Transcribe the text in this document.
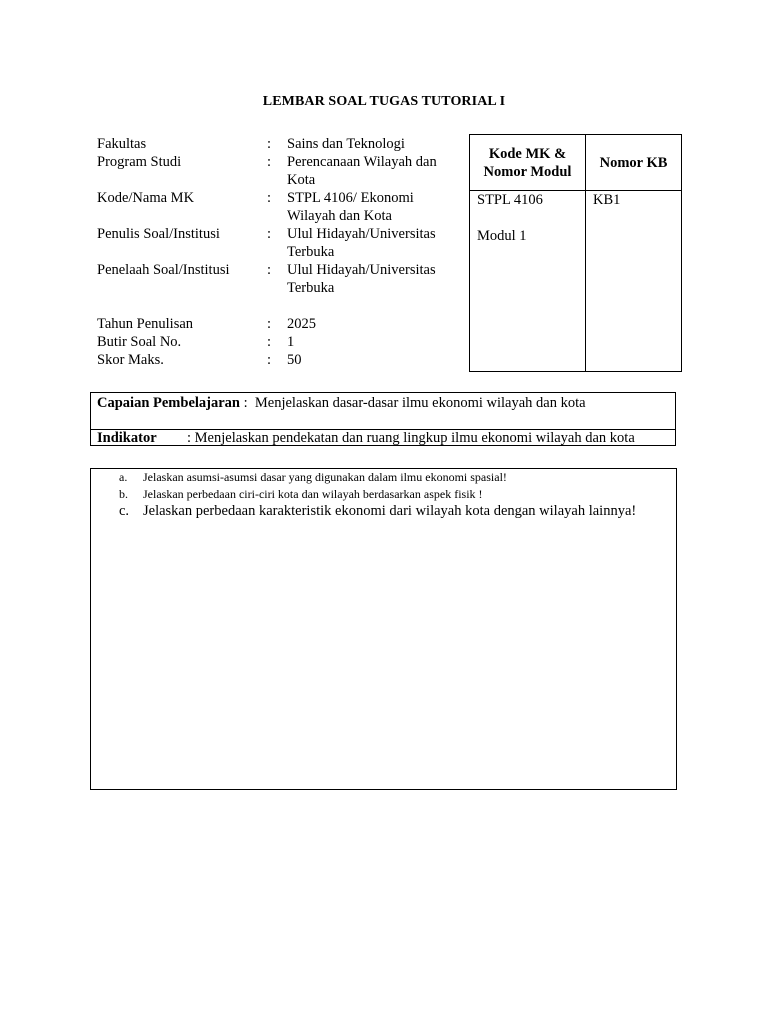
LEMBAR SOAL TUGAS TUTORIAL I
Fakultas	: Sains dan Teknologi
Program Studi	: Perencanaan Wilayah dan Kota
Kode/Nama MK	: STPL 4106/ Ekonomi Wilayah dan Kota
Penulis Soal/Institusi	: Ulul Hidayah/Universitas Terbuka
Penelaah Soal/Institusi	: Ulul Hidayah/Universitas Terbuka
Tahun Penulisan	: 2025
Butir Soal No.	: 1
Skor Maks.	: 50
Kode MK &
Nomor Modul	Nomor KB

STPL 4106
Modul 1	KB1
Capaian Pembelajaran :  Menjelaskan dasar-dasar ilmu ekonomi wilayah dan kota
Indikator : Menjelaskan pendekatan dan ruang lingkup ilmu ekonomi wilayah dan kota
a. Jelaskan asumsi-asumsi dasar yang digunakan dalam ilmu ekonomi spasial!
b. Jelaskan perbedaan ciri-ciri kota dan wilayah berdasarkan aspek fisik !
c. Jelaskan perbedaan karakteristik ekonomi dari wilayah kota dengan wilayah lainnya!
